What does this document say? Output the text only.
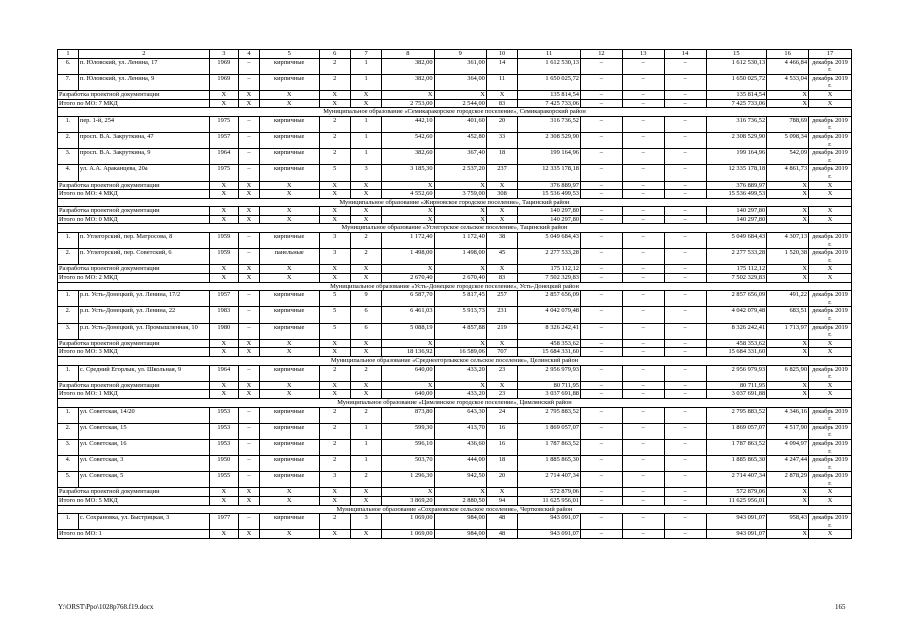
1	2	3	4	5	6	7	8	9	10	11	12	13	14	15	16	17
6.	п. Юловский, ул. Ленина, 17	1969	–	кирпичные	2	1	382,00	361,00	14	1 612 530,13	–	–	–	1 612 530,13	4 466,84	декабрь 2019 г.
7.	п. Юловский, ул. Ленина, 9	1969	–	кирпичные	2	1	382,00	364,00	11	1 650 025,72	–	–	–	1 650 025,72	4 533,04	декабрь 2019 г.
Разработка проектной документации		X	X	X	X	X	X	X	X	135 814,54	–	–	–	135 814,54	X	X
Итого по МО: 7 МКД		X	X	X	X	X	2 753,00	2 544,00	83	7 425 733,06	–	–	–	7 425 733,06	X	X
Муниципальное образование «Семикаракорское городское поселение», Семикаракорский район																
1.	пер. 1-й, 254	1975	–	кирпичные	2	1	442,10	401,60	20	316 736,52	–	–	–	316 736,52	788,69	декабрь 2019 г.
2.	просп. В.А. Закруткина, 47	1957	–	кирпичные	2	1	542,60	452,80	33	2 308 529,90	–	–	–	2 308 529,90	5 098,34	декабрь 2019 г.
3.	просп. В.А. Закруткина, 9	1964	–	кирпичные	2	1	382,60	367,40	18	199 164,96	–	–	–	199 164,96	542,09	декабрь 2019 г.
4.	ул. А.А. Араканцева, 20а	1975	–	кирпичные	5	3	3 185,30	2 537,20	237	12 335 178,18	–	–	–	12 335 178,18	4 861,73	декабрь 2019 г.
Разработка проектной документации		X	X	X	X	X	X	X	X	376 889,97	–	–	–	376 889,97	X	X
Итого по МО: 4 МКД		X	X	X	X	X	4 552,60	3 759,00	308	15 536 499,53	–	–	–	15 536 499,53	X	X
Муниципальное образование «Жирновское городское поселение», Тацинский район																
Разработка проектной документации		X	X	X	X	X	X	X	X	140 297,80	–	–	–	140 297,80	X	X
Итого по МО: 0 МКД		X	X	X	X	X	X	X	X	140 297,80	–	–	–	140 297,80	X	X
Муниципальное образование «Углегорское сельское поселение», Тацинский район																
1.	п. Углегорский, пер. Матросова, 8	1959	–	кирпичные	3	2	1 172,40	1 172,40	38	5 049 684,43	–	–	–	5 049 684,43	4 307,13	декабрь 2019 г.
2.	п. Углегорский, пер. Советский, 6	1959	–	панельные	3	2	1 498,00	1 498,00	45	2 277 533,28	–	–	–	2 277 533,28	1 520,38	декабрь 2019 г.
Разработка проектной документации		X	X	X	X	X	X	X	X	175 112,12	–	–	–	175 112,12	X	X
Итого по МО: 2 МКД		X	X	X	X	X	2 670,40	2 670,40	83	7 502 329,83	–	–	–	7 502 329,83	X	X
Муниципальное образование «Усть-Донецкое городское поселение», Усть-Донецкий район																
1.	р.п. Усть-Донецкий, ул. Ленина, 17/2	1957	–	кирпичные	5	9	6 587,70	5 817,45	257	2 857 656,09	–	–	–	2 857 656,09	491,22	декабрь 2019 г.
2.	р.п. Усть-Донецкий, ул. Ленина, 22	1983	–	кирпичные	5	6	6 461,03	5 913,73	231	4 042 079,48	–	–	–	4 042 079,48	683,51	декабрь 2019 г.
3.	р.п. Усть-Донецкий, ул. Промышленная, 10	1980	–	кирпичные	5	6	5 088,19	4 857,88	219	8 326 242,41	–	–	–	8 326 242,41	1 713,97	декабрь 2019 г.
Разработка проектной документации		X	X	X	X	X	X	X	X	458 353,62	–	–	–	458 353,62	X	X
Итого по МО: 3 МКД		X	X	X	X	X	18 136,92	16 589,06	707	15 684 331,60	–	–	–	15 684 331,60	X	X
Муниципальное образование «Среднеегорлыкское сельское поселение», Целинский район																
1.	с. Средний Егорлык, ул. Школьная, 9	1964	–	кирпичные	2	2	640,00	433,20	23	2 956 979,93	–	–	–	2 956 979,93	6 825,90	декабрь 2019 г.
Разработка проектной документации		X	X	X	X	X	X	X	X	80 711,95	–	–	–	80 711,95	X	X
Итого по МО: 1 МКД		X	X	X	X	X	640,00	433,20	23	3 037 691,88	–	–	–	3 037 691,88	X	X
Муниципальное образование «Цимлянское городское поселение», Цимлянский район																
1.	ул. Советская, 14/20	1953	–	кирпичные	2	2	873,80	643,30	24	2 795 883,52	–	–	–	2 795 883,52	4 346,16	декабрь 2019 г.
2.	ул. Советская, 15	1953	–	кирпичные	2	1	599,30	413,70	16	1 869 057,07	–	–	–	1 869 057,07	4 517,90	декабрь 2019 г.
3.	ул. Советская, 16	1953	–	кирпичные	2	1	596,10	436,60	16	1 787 863,52	–	–	–	1 787 863,52	4 094,97	декабрь 2019 г.
4.	ул. Советская, 3	1950	–	кирпичные	2	1	503,70	444,00	18	1 885 865,30	–	–	–	1 885 865,30	4 247,44	декабрь 2019 г.
5.	ул. Советская, 5	1955	–	кирпичные	3	2	1 296,30	942,50	20	2 714 407,34	–	–	–	2 714 407,34	2 878,29	декабрь 2019 г.
Разработка проектной документации		X	X	X	X	X	X	X	X	572 879,06	–	–	–	572 879,06	X	X
Итого по МО: 5 МКД		X	X	X	X	X	3 869,20	2 880,50	94	11 625 956,01	–	–	–	11 625 956,01	X	X
Муниципальное образование «Сохрановское сельское поселение», Чертковский район																
1.	с. Сохрановка, ул. Быстрицкая, 3	1977	–	кирпичные	2	3	1 069,00	984,00	48	943 091,07	–	–	–	943 091,07	958,43	декабрь 2019 г.
Итого по МО: 1		X	X	X	X	X	1 069,00	984,00	48	943 091,07	–	–	–	943 091,07	X	X
Y:\ORST\Ppo\1028p768.f19.docx	165
